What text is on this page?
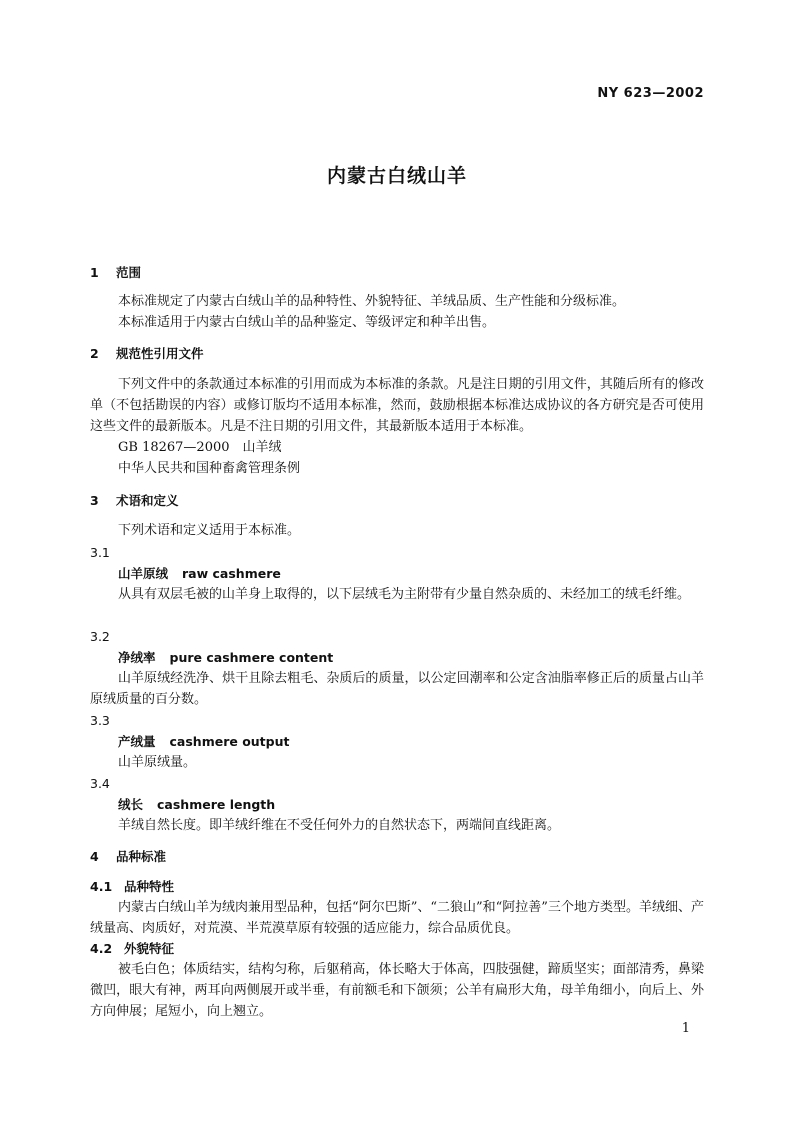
NY 623—2002
内蒙古白绒山羊
1 范围
本标准规定了内蒙古白绒山羊的品种特性、外貌特征、羊绒品质、生产性能和分级标准。
本标准适用于内蒙古白绒山羊的品种鉴定、等级评定和种羊出售。
2 规范性引用文件
下列文件中的条款通过本标准的引用而成为本标准的条款。凡是注日期的引用文件，其随后所有的修改单（不包括勘误的内容）或修订版均不适用本标准，然而，鼓励根据本标准达成协议的各方研究是否可使用这些文件的最新版本。凡是不注日期的引用文件，其最新版本适用于本标准。
GB 18267—2000　山羊绒
中华人民共和国种畜禽管理条例
3 术语和定义
下列术语和定义适用于本标准。
3.1
山羊原绒 raw cashmere
从具有双层毛被的山羊身上取得的，以下层绒毛为主附带有少量自然杂质的、未经加工的绒毛纤维。
3.2
净绒率 pure cashmere content
山羊原绒经洗净、烘干且除去粗毛、杂质后的质量，以公定回潮率和公定含油脂率修正后的质量占山羊原绒质量的百分数。
3.3
产绒量 cashmere output
山羊原绒量。
3.4
绒长 cashmere length
羊绒自然长度。即羊绒纤维在不受任何外力的自然状态下，两端间直线距离。
4 品种标准
4.1 品种特性
内蒙古白绒山羊为绒肉兼用型品种，包括“阿尔巴斯”、“二狼山”和“阿拉善”三个地方类型。羊绒细、产绒量高、肉质好，对荒漠、半荒漠草原有较强的适应能力，综合品质优良。
4.2 外貌特征
被毛白色；体质结实，结构匀称，后躯稍高，体长略大于体高，四肢强健，蹄质坚实；面部清秀，鼻梁微凹，眼大有神，两耳向两侧展开或半垂，有前额毛和下颌须；公羊有扁形大角，母羊角细小，向后上、外方向伸展；尾短小，向上翘立。
1
